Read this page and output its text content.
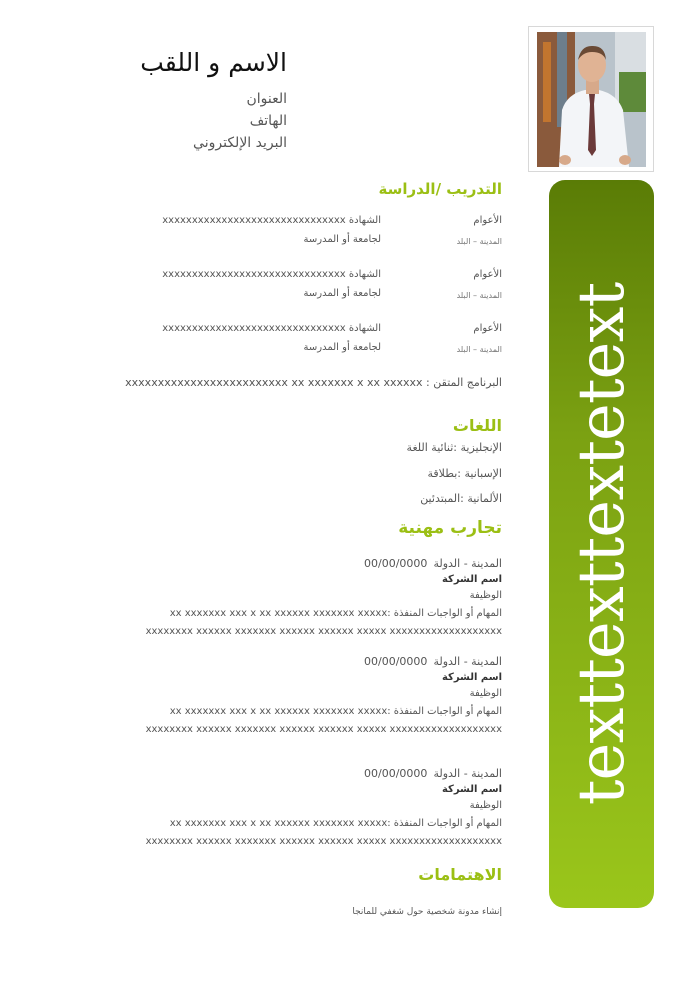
الاسم و اللقب
العنوان
الهاتف
البريد الإلكتروني
texttexttextetext
التدريب /الدراسة
الأعوام
المدينة – البلد
الشهادة xxxxxxxxxxxxxxxxxxxxxxxxxxxxxxx
لجامعة أو المدرسة
الأعوام
المدينة – البلد
الشهادة xxxxxxxxxxxxxxxxxxxxxxxxxxxxxxx
لجامعة أو المدرسة
الأعوام
المدينة – البلد
الشهادة xxxxxxxxxxxxxxxxxxxxxxxxxxxxxxx
لجامعة أو المدرسة
البرنامج المتقن : xxxxxxxxxxxxxxxxxxxxxxxxx xx xxxxxxx x xx xxxxxx
اللغات
الإنجليزية :ثنائية اللغة
الإسبانية :بطلاقة
الألمانية :المبتدئين
تجارب مهنية
المدينة - الدولة
00/00/0000
اسم الشركة
الوظيفة
المهام أو الواجبات المنفذة :xx xxxxxxx xxx x xx xxxxxx xxxxxxx xxxxx
xxxxxxxx xxxxxx xxxxxxx xxxxxx xxxxxx xxxxx xxxxxxxxxxxxxxxxxxx
المدينة - الدولة
00/00/0000
اسم الشركة
الوظيفة
المهام أو الواجبات المنفذة :xx xxxxxxx xxx x xx xxxxxx xxxxxxx xxxxx
xxxxxxxx xxxxxx xxxxxxx xxxxxx xxxxxx xxxxx xxxxxxxxxxxxxxxxxxx
المدينة - الدولة
00/00/0000
اسم الشركة
الوظيفة
المهام أو الواجبات المنفذة :xx xxxxxxx xxx x xx xxxxxx xxxxxxx xxxxx
xxxxxxxx xxxxxx xxxxxxx xxxxxx xxxxxx xxxxx xxxxxxxxxxxxxxxxxxx
الاهتمامات
إنشاء مدونة شخصية حول شغفي للمانجا
